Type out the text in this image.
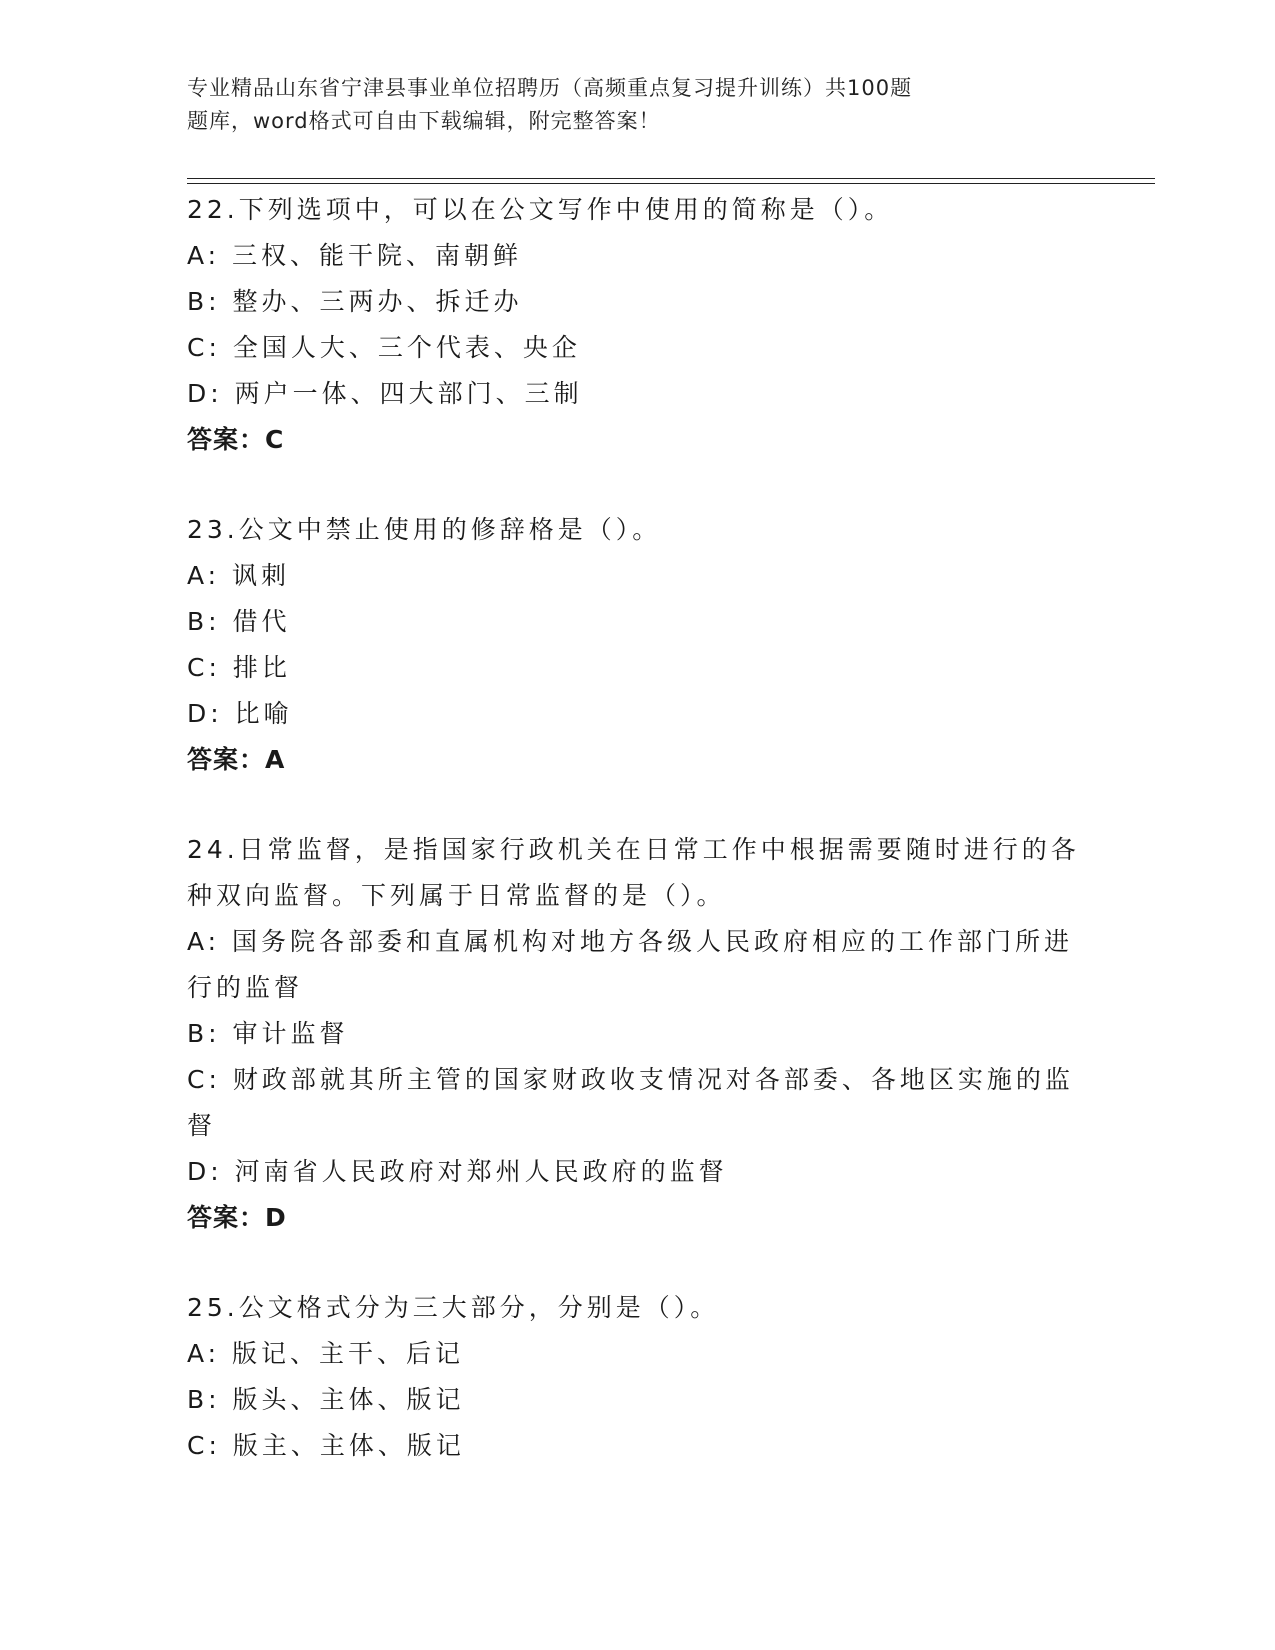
专业精品山东省宁津县事业单位招聘历（高频重点复习提升训练）共100题
题库，word格式可自由下载编辑，附完整答案！
22.下列选项中，可以在公文写作中使用的简称是（）。
A: 三权、能干院、南朝鲜
B: 整办、三两办、拆迁办
C: 全国人大、三个代表、央企
D: 两户一体、四大部门、三制
答案：C
23.公文中禁止使用的修辞格是（）。
A: 讽刺
B: 借代
C: 排比
D: 比喻
答案：A
24.日常监督，是指国家行政机关在日常工作中根据需要随时进行的各
种双向监督。下列属于日常监督的是（）。
A: 国务院各部委和直属机构对地方各级人民政府相应的工作部门所进
行的监督
B: 审计监督
C: 财政部就其所主管的国家财政收支情况对各部委、各地区实施的监
督
D: 河南省人民政府对郑州人民政府的监督
答案：D
25.公文格式分为三大部分，分别是（）。
A: 版记、主干、后记
B: 版头、主体、版记
C: 版主、主体、版记
